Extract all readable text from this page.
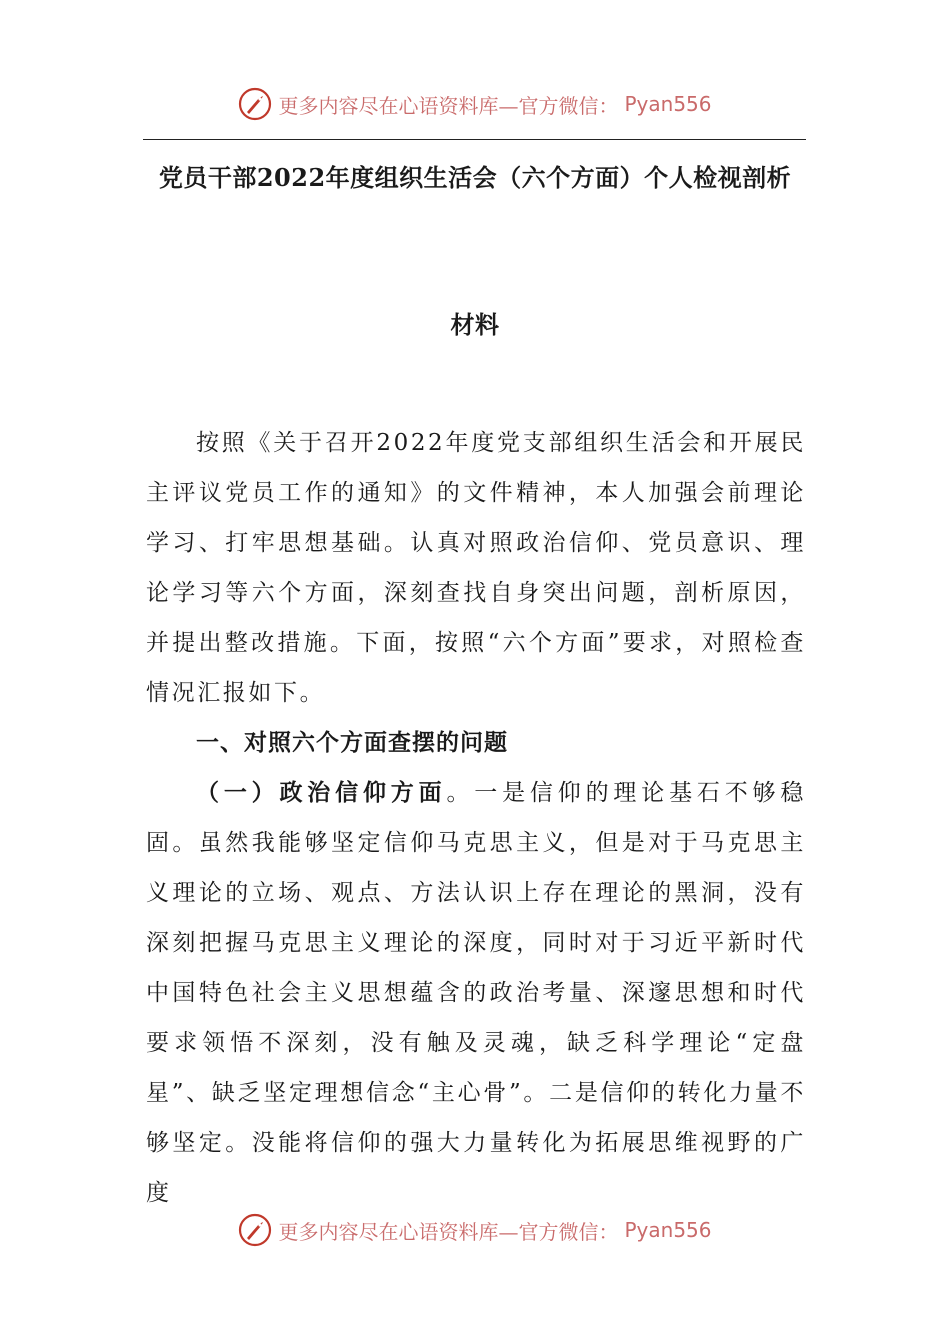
更多内容尽在心语资料库—官方微信： Pyan556
党员干部2022年度组织生活会（六个方面）个人检视剖析
材料

按照《关于召开2022年度党支部组织生活会和开展民主评议党员工作的通知》的文件精神，本人加强会前理论学习、打牢思想基础。认真对照政治信仰、党员意识、理论学习等六个方面，深刻查找自身突出问题，剖析原因，并提出整改措施。下面，按照“六个方面”要求，对照检查情况汇报如下。

一、对照六个方面查摆的问题

（一）政治信仰方面。一是信仰的理论基石不够稳固。虽然我能够坚定信仰马克思主义，但是对于马克思主义理论的立场、观点、方法认识上存在理论的黑洞，没有深刻把握马克思主义理论的深度，同时对于习近平新时代中国特色社会主义思想蕴含的政治考量、深邃思想和时代要求领悟不深刻，没有触及灵魂，缺乏科学理论“定盘星”、缺乏坚定理想信念“主心骨”。二是信仰的转化力量不够坚定。没能将信仰的强大力量转化为拓展思维视野的广度

更多内容尽在心语资料库—官方微信： Pyan556
